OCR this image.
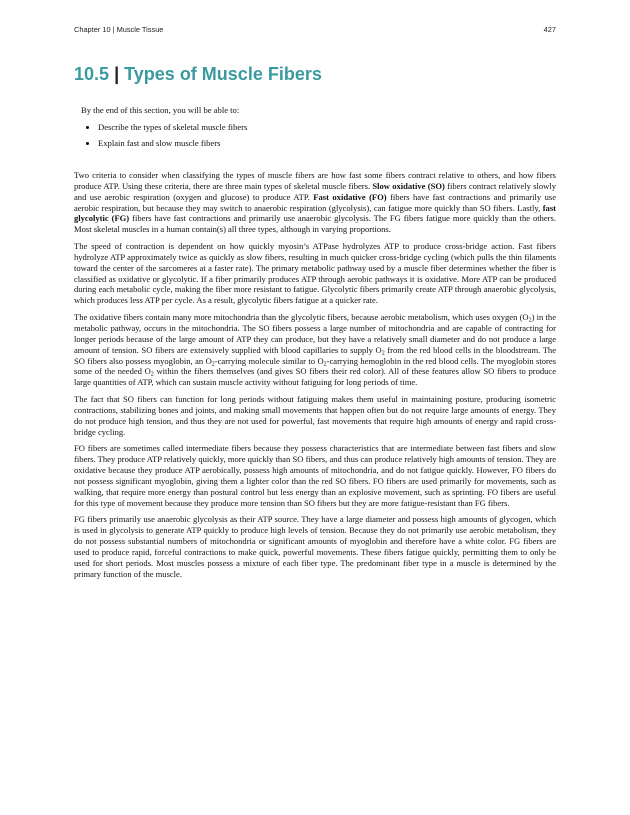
Chapter 10 | Muscle Tissue	427
10.5 | Types of Muscle Fibers

By the end of this section, you will be able to:

• Describe the types of skeletal muscle fibers
• Explain fast and slow muscle fibers

Two criteria to consider when classifying the types of muscle fibers are how fast some fibers contract relative to others, and how fibers produce ATP. Using these criteria, there are three main types of skeletal muscle fibers. Slow oxidative (SO) fibers contract relatively slowly and use aerobic respiration (oxygen and glucose) to produce ATP. Fast oxidative (FO) fibers have fast contractions and primarily use aerobic respiration, but because they may switch to anaerobic respiration (glycolysis), can fatigue more quickly than SO fibers. Lastly, fast glycolytic (FG) fibers have fast contractions and primarily use anaerobic glycolysis. The FG fibers fatigue more quickly than the others. Most skeletal muscles in a human contain(s) all three types, although in varying proportions.

The speed of contraction is dependent on how quickly myosin’s ATPase hydrolyzes ATP to produce cross-bridge action. Fast fibers hydrolyze ATP approximately twice as quickly as slow fibers, resulting in much quicker cross-bridge cycling (which pulls the thin filaments toward the center of the sarcomeres at a faster rate). The primary metabolic pathway used by a muscle fiber determines whether the fiber is classified as oxidative or glycolytic. If a fiber primarily produces ATP through aerobic pathways it is oxidative. More ATP can be produced during each metabolic cycle, making the fiber more resistant to fatigue. Glycolytic fibers primarily create ATP through anaerobic glycolysis, which produces less ATP per cycle. As a result, glycolytic fibers fatigue at a quicker rate.

The oxidative fibers contain many more mitochondria than the glycolytic fibers, because aerobic metabolism, which uses oxygen $(O_2)$ in the metabolic pathway, occurs in the mitochondria. The SO fibers possess a large number of mitochondria and are capable of contracting for longer periods because of the large amount of ATP they can produce, but they have a relatively small diameter and do not produce a large amount of tension. SO fibers are extensively supplied with blood capillaries to supply $O_2$ from the red blood cells in the bloodstream. The SO fibers also possess myoglobin, an $O_2$-carrying molecule similar to $O_2$-carrying hemoglobin in the red blood cells. The myoglobin stores some of the needed $O_2$ within the fibers themselves (and gives SO fibers their red color). All of these features allow SO fibers to produce large quantities of ATP, which can sustain muscle activity without fatiguing for long periods of time.

The fact that SO fibers can function for long periods without fatiguing makes them useful in maintaining posture, producing isometric contractions, stabilizing bones and joints, and making small movements that happen often but do not require large amounts of energy. They do not produce high tension, and thus they are not used for powerful, fast movements that require high amounts of energy and rapid cross-bridge cycling.

FO fibers are sometimes called intermediate fibers because they possess characteristics that are intermediate between fast fibers and slow fibers. They produce ATP relatively quickly, more quickly than SO fibers, and thus can produce relatively high amounts of tension. They are oxidative because they produce ATP aerobically, possess high amounts of mitochondria, and do not fatigue quickly. However, FO fibers do not possess significant myoglobin, giving them a lighter color than the red SO fibers. FO fibers are used primarily for movements, such as walking, that require more energy than postural control but less energy than an explosive movement, such as sprinting. FO fibers are useful for this type of movement because they produce more tension than SO fibers but they are more fatigue-resistant than FG fibers.

FG fibers primarily use anaerobic glycolysis as their ATP source. They have a large diameter and possess high amounts of glycogen, which is used in glycolysis to generate ATP quickly to produce high levels of tension. Because they do not primarily use aerobic metabolism, they do not possess substantial numbers of mitochondria or significant amounts of myoglobin and therefore have a white color. FG fibers are used to produce rapid, forceful contractions to make quick, powerful movements. These fibers fatigue quickly, permitting them to only be used for short periods. Most muscles possess a mixture of each fiber type. The predominant fiber type in a muscle is determined by the primary function of the muscle.
